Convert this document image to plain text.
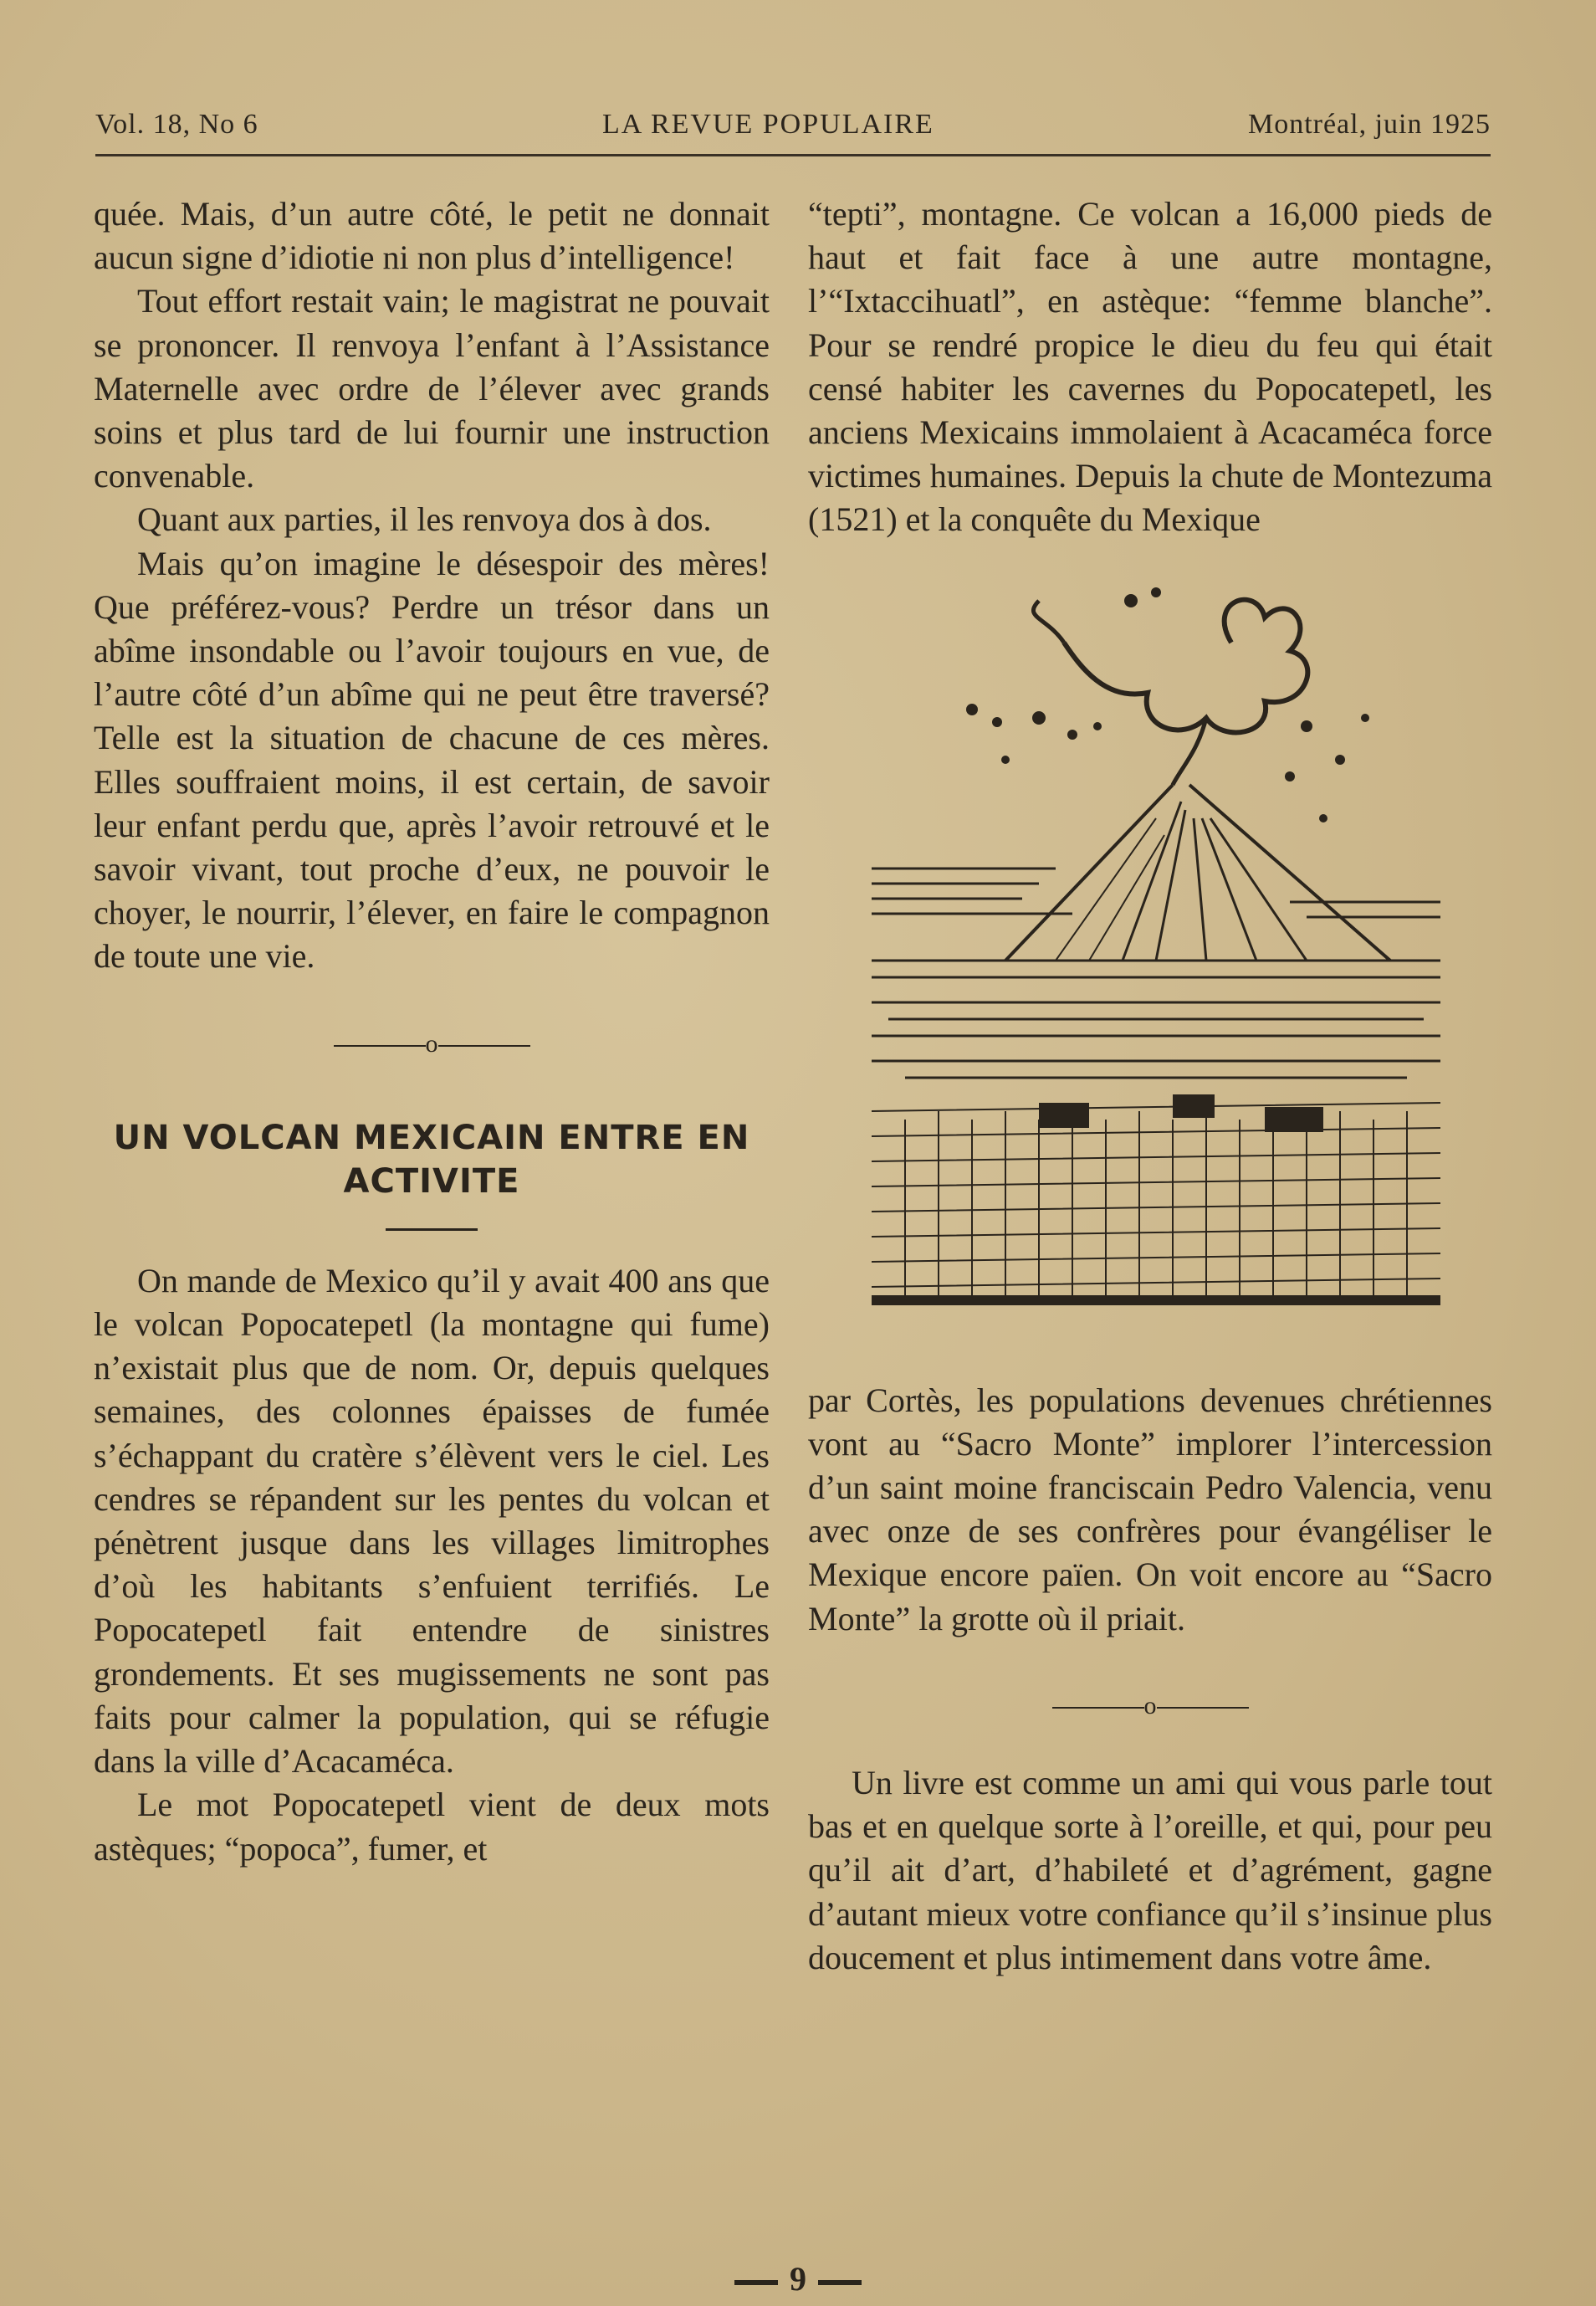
Vol. 18, No 6	LA REVUE POPULAIRE	Montréal, juin 1925

quée. Mais, d’un autre côté, le petit ne donnait aucun signe d’idiotie ni non plus d’intelligence!

Tout effort restait vain; le magistrat ne pouvait se prononcer. Il renvoya l’enfant à l’Assistance Maternelle avec ordre de l’élever avec grands soins et plus tard de lui fournir une instruction convenable.

Quant aux parties, il les renvoya dos à dos.

Mais qu’on imagine le désespoir des mères! Que préférez-vous? Perdre un trésor dans un abîme insondable ou l’avoir toujours en vue, de l’autre côté d’un abîme qui ne peut être traversé? Telle est la situation de chacune de ces mères. Elles souffraient moins, il est certain, de savoir leur enfant perdu que, après l’avoir retrouvé et le savoir vivant, tout proche d’eux, ne pouvoir le choyer, le nourrir, l’élever, en faire le compagnon de toute une vie.

o
UN VOLCAN MEXICAIN ENTRE EN ACTIVITE

On mande de Mexico qu’il y avait 400 ans que le volcan Popocatepetl (la montagne qui fume) n’existait plus que de nom. Or, depuis quelques semaines, des colonnes épaisses de fumée s’échappant du cratère s’élèvent vers le ciel. Les cendres se répandent sur les pentes du volcan et pénètrent jusque dans les villages limitrophes d’où les habitants s’enfuient terrifiés. Le Popocatepetl fait entendre de sinistres grondements. Et ses mugissements ne sont pas faits pour calmer la population, qui se réfugie dans la ville d’Acacaméca.

Le mot Popocatepetl vient de deux mots astèques; “popoca”, fumer, et

“tepti”, montagne. Ce volcan a 16,000 pieds de haut et fait face à une autre montagne, l’“Ixtaccihuatl”, en astèque: “femme blanche”. Pour se rendré propice le dieu du feu qui était censé habiter les cavernes du Popocatepetl, les anciens Mexicains immolaient à Acacaméca force victimes humaines. Depuis la chute de Montezuma (1521) et la conquête du Mexique

par Cortès, les populations devenues chrétiennes vont au “Sacro Monte” implorer l’intercession d’un saint moine franciscain Pedro Valencia, venu avec onze de ses confrères pour évangéliser le Mexique encore païen. On voit encore au “Sacro Monte” la grotte où il priait.

o

Un livre est comme un ami qui vous parle tout bas et en quelque sorte à l’oreille, et qui, pour peu qu’il ait d’art, d’habileté et d’agrément, gagne d’autant mieux votre confiance qu’il s’insinue plus doucement et plus intimement dans votre âme.

9
